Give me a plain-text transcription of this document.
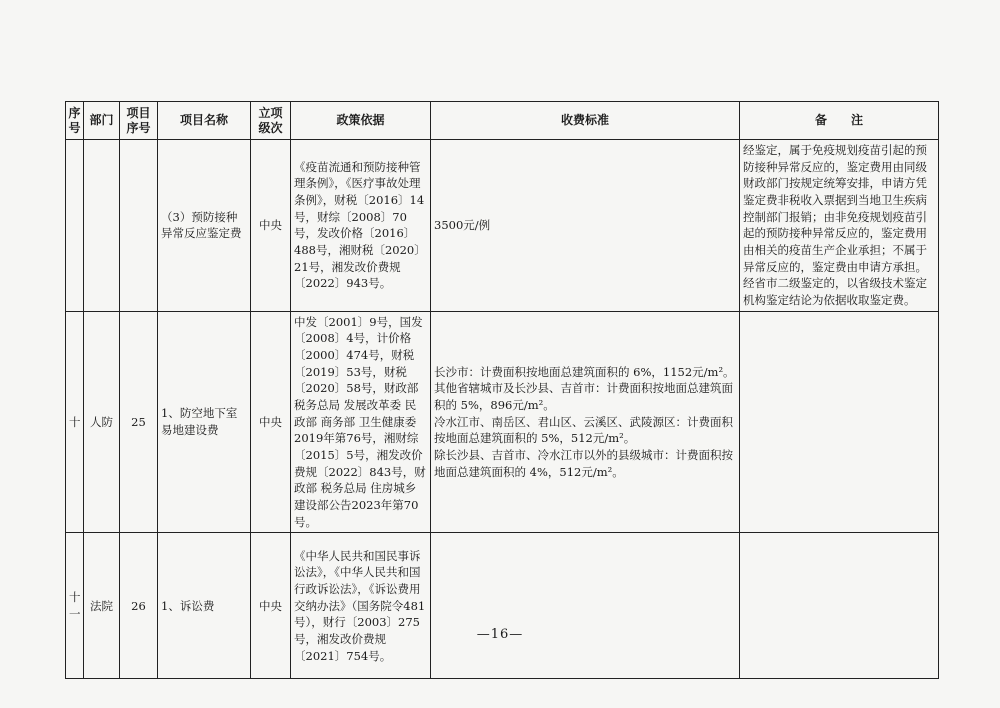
序号	部门	项目序号	项目名称	立项级次	政策依据	收费标准	备　　注
			（3）预防接种异常反应鉴定费	中央	《疫苗流通和预防接种管理条例》，《医疗事故处理条例》，财税〔2016〕14号，财综〔2008〕70号，发改价格〔2016〕488号，湘财税〔2020〕21号，湘发改价费规〔2022〕943号。	3500元/例	经鉴定，属于免疫规划疫苗引起的预防接种异常反应的，鉴定费用由同级财政部门按规定统筹安排，申请方凭鉴定费非税收入票据到当地卫生疾病控制部门报销；由非免疫规划疫苗引起的预防接种异常反应的，鉴定费用由相关的疫苗生产企业承担；不属于异常反应的，鉴定费由申请方承担。经省市二级鉴定的，以省级技术鉴定机构鉴定结论为依据收取鉴定费。
十	人防	25	1、防空地下室易地建设费	中央	中发〔2001〕9号，国发〔2008〕4号，计价格〔2000〕474号，财税〔2019〕53号，财税〔2020〕58号，财政部 税务总局 发展改革委 民政部 商务部 卫生健康委2019年第76号，湘财综〔2015〕5号，湘发改价费规〔2022〕843号，财政部 税务总局 住房城乡建设部公告2023年第70号。	长沙市：计费面积按地面总建筑面积的 6%，1152元/m²。
其他省辖城市及长沙县、吉首市：计费面积按地面总建筑面积的 5%，896元/m²。
冷水江市、南岳区、君山区、云溪区、武陵源区：计费面积按地面总建筑面积的 5%，512元/m²。
除长沙县、吉首市、冷水江市以外的县级城市：计费面积按地面总建筑面积的 4%，512元/m²。	

十一	法院	26	1、诉讼费	中央	《中华人民共和国民事诉讼法》，《中华人民共和国行政诉讼法》，《诉讼费用交纳办法》（国务院令481号），财行〔2003〕275号，湘发改价费规〔2021〕754号。		
—16—
